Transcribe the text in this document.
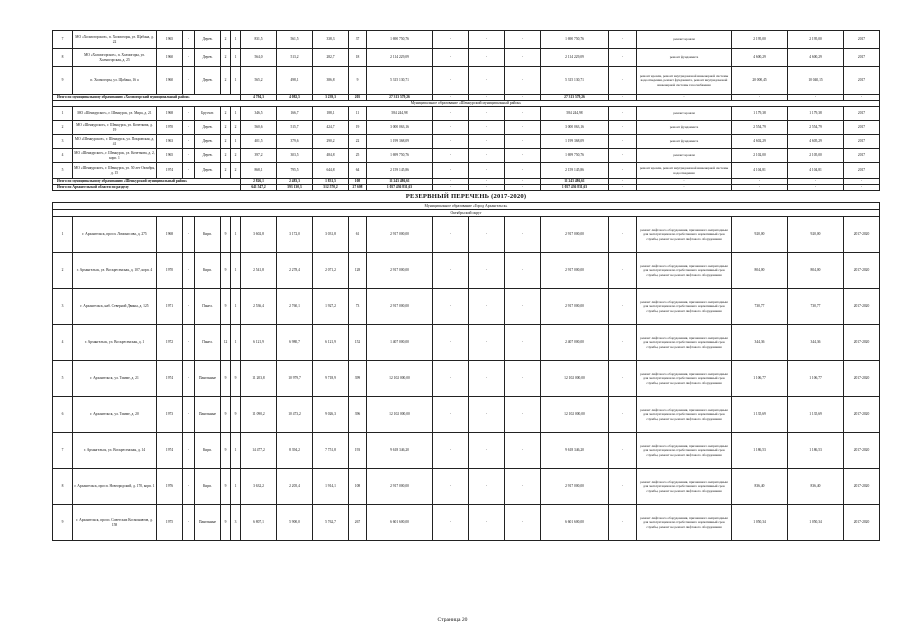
7	МО «Холмогорское», п. Холмогоры, ул. Щабана, д. 22	1965	-	Дерев.	2	1	831,5	561,5	338,3	37	1 690 750,76	-	-	-	1 690 750,76	-	ремонт кровли	2 195,00	2 195,00	2017
8	МО «Холмогорское», п. Холмогоры, ул. Холмогорская, д. 25	1960	-	Дерев.	2	1	564,0	513,2	282,7	18	2 114 229,09	-	-	-	2 114 229,09	-	ремонт фундамента	4 600,29	4 600,29	2017
9	п. Холмогоры, ул. Щабана, 16 а	1960	-	Дерев.	2	1	565,2	498,1	386,8	9	5 315 130,71	-	-	-	5 315 130,71	-	ремонт кровли, ремонт внутридомовой инженерной системы водоотведения, ремонт фундамента, ремонт внутридомовой инженерной системы газоснабжения	20 000,45	10 040,15	2017
Итого по муниципальному образованию «Холмогорский муниципальный район»							4 794,3	4 082,5	3 239,3	205	27 313 579,26	-	-	-	27 313 579,26	-	-	-	-	-
Муниципальное образование «Шенкурский муниципальный район»																				
1	МО «Шенкурское», г. Шенкурск, ул. Мира, д. 21	1968	-	Брусчат.	2	1	346,5	166,7	188,1	11	584 244,98	-	-	-	584 244,98	-	ремонт кровли	1 179,38	1 179,38	2017
2	МО «Шенкурское», г. Шенкурск, ул. Кочеткова, д. 19	1970	-	Дерев.	2	2	560,6	515,7	424,7	19	3 000 063,16	-	-	-	3 000 063,16	-	ремонт фундамента	2 554,79	2 554,79	2017
3	МО «Шенкурское», г. Шенкурск, ул. Покровская, д. 41	1963	-	Дерев.	2	1	401,5	379,6	290,2	22	1 199 368,09	-	-	-	1 199 368,09	-	ремонт фундамента	4 602,29	4 605,29	2017
4	МО «Шенкурское», г. Шенкурск, ул. Кочеткова, д. 2, корп. 1	1965	-	Дерев.	2	2	397,2	303,5	484,8	25	1 699 750,76	-	-	-	1 699 750,76	-	ремонт кровли	2 102,00	2 105,00	2017
5	МО «Шенкурское», г. Шенкурск, ул. 50 лет Октября, д. 15	1974	-	Дерев.	2	2	868,1	795,5	644,8	64	2 159 145,86	-	-	-	2 159 145,86	-	ремонт кровли, ремонт внутридомовой инженерной системы водоотведения	4 104,81	4 104,81	2017
Итого по муниципальному образованию «Шенкурский муниципальный район»							2 826,1	2 483,3	1 831,5	108	11 243 486,61	-	-	-	11 243 486,61	-	-	-	-	-
Итого по Архангельской области по разделу							641 547,2	593 130,3	512 570,2	27 608	1 057 436 831,63	-	-	-	1 057 436 831,63	-	-	-	-	-
РЕЗЕРВНЫЙ ПЕРЕЧЕНЬ (2017-2020)																				
Муниципальное образование «Город Архангельск»																				
Октябрьский округ																				
1	г. Архангельск, просп. Ломоносова, д. 275	1968	-	Кирп.	9	1	3 602,8	3 172,0	3 031,8	61	2 917 000,00	-	-	-	2 917 000,00	-	ремонт лифтового оборудования, признанного непригодным для эксплуатации или отработавшего нормативный срок службы, ремонт не ремонт лифтового оборудования	920,00	920,00	2017-2020
2	г. Архангельск, ул. Воскресенская, д. 107, корп. 4	1970	-	Кирп.	9	1	2 541,8	2 278,4	2 071,2	128	2 917 000,00	-	-	-	2 917 000,00	-	ремонт лифтового оборудования, признанного непригодным для эксплуатации или отработавшего нормативный срок службы, ремонт не ремонт лифтового оборудования	804,00	804,00	2017-2020
3	г. Архангельск, наб. Северной Двины, д. 125	1971	-	Панел.	9	1	2 536,4	2 760,1	1 927,2	73	2 917 000,00	-	-	-	2 917 000,00	-	ремонт лифтового оборудования, признанного непригодным для эксплуатации или отработавшего нормативный срок службы, ремонт не ремонт лифтового оборудования	730,77	730,77	2017-2020
4	г. Архангельск, ул. Воскресенская, д. 1	1972	-	Панел.	12	1	6 121,9	6 980,7	6 121,9	152	1 407 000,00	-	-	-	2 407 000,00	-	ремонт лифтового оборудования, признанного непригодным для эксплуатации или отработавшего нормативный срок службы, ремонт не ремонт лифтового оборудования	344,36	344,36	2017-2020
5	г. Архангельск, ул. Тимме, д. 21	1974	-	Панельные	9	9	11 203,8	10 979,7	9 718,9	399	12 102 000,00	-	-	-	12 102 000,00	-	ремонт лифтового оборудования, признанного непригодным для эксплуатации или отработавшего нормативный срок службы, ремонт не ремонт лифтового оборудования	1 106,77	1 106,77	2017-2020
6	г. Архангельск, ул. Тимме, д. 20	1973	-	Панельные	9	9	11 090,2	10 473,2	9 026,3	396	12 102 000,00	-	-	-	12 102 000,00	-	ремонт лифтового оборудования, признанного непригодным для эксплуатации или отработавшего нормативный срок службы, ремонт не ремонт лифтового оборудования	1 135,69	1 135,69	2017-2020
7	г. Архангельск, ул. Воскресенская, д. 14	1974	-	Кирп.	9	1	14 477,2	8 394,2	7 751,8	193	9 618 346,20	-	-	-	9 618 346,20	-	ремонт лифтового оборудования, признанного непригодным для эксплуатации или отработавшего нормативный срок службы, ремонт не ремонт лифтового оборудования	1 186,53	1 186,53	2017-2020
8	г. Архангельск, просп. Новгородский, д. 170, корп. 1	1976	-	Кирп.	9	1	3 632,2	2 205,4	1 914,1	108	2 917 000,00	-	-	-	2 917 000,00	-	ремонт лифтового оборудования, признанного непригодным для эксплуатации или отработавшего нормативный срок службы, ремонт не ремонт лифтового оборудования	836,40	836,40	2017-2020
9	г. Архангельск, просп. Советских Космонавтов, д. 158	1975	-	Панельные	9	3	6 807,1	5 900,0	5 762,7	267	6 601 600,00	-	-	-	6 601 600,00	-	ремонт лифтового оборудования, признанного непригодным для эксплуатации или отработавшего нормативный срок службы, ремонт не ремонт лифтового оборудования	1 050,34	1 050,34	2017-2020
Страница 20
